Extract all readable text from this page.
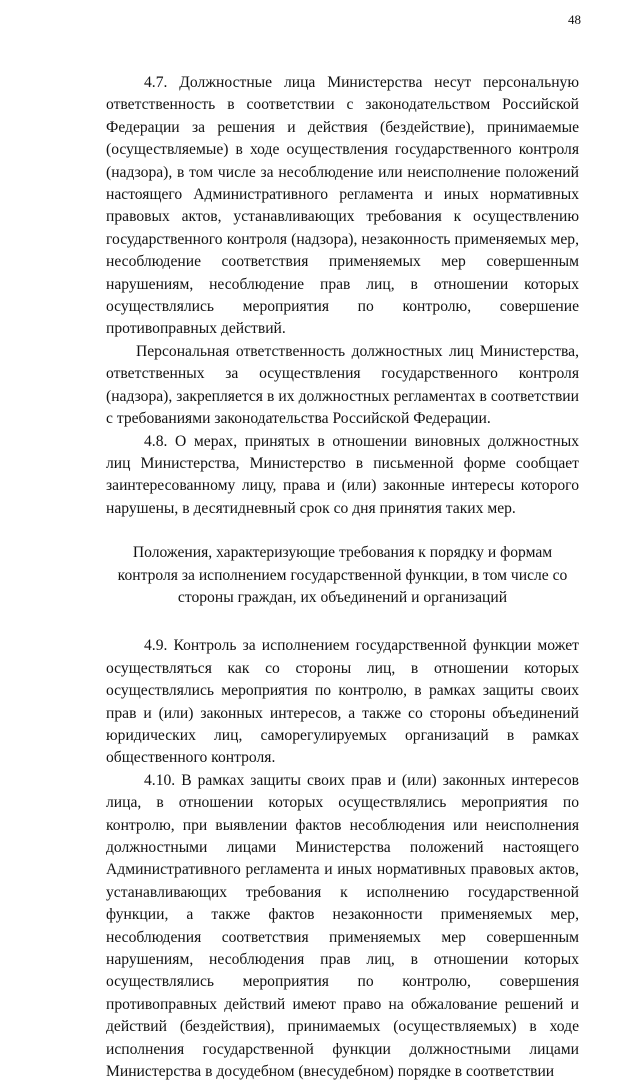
48

4.7. Должностные лица Министерства несут персональную ответственность в соответствии с законодательством Российской Федерации за решения и действия (бездействие), принимаемые (осуществляемые) в ходе осуществления государственного контроля (надзора), в том числе за несоблюдение или неисполнение положений настоящего Административного регламента и иных нормативных правовых актов, устанавливающих требования к осуществлению государственного контроля (надзора), незаконность применяемых мер, несоблюдение соответствия применяемых мер совершенным нарушениям, несоблюдение прав лиц, в отношении которых осуществлялись мероприятия по контролю, совершение противоправных действий.

Персональная ответственность должностных лиц Министерства, ответственных за осуществления государственного контроля (надзора), закрепляется в их должностных регламентах в соответствии с требованиями законодательства Российской Федерации.

4.8. О мерах, принятых в отношении виновных должностных лиц Министерства, Министерство в письменной форме сообщает заинтересованному лицу, права и (или) законные интересы которого нарушены, в десятидневный срок со дня принятия таких мер.

Положения, характеризующие требования к порядку и формам контроля за исполнением государственной функции, в том числе со стороны граждан, их объединений и организаций

4.9. Контроль за исполнением государственной функции может осуществляться как со стороны лиц, в отношении которых осуществлялись мероприятия по контролю, в рамках защиты своих прав и (или) законных интересов, а также со стороны объединений юридических лиц, саморегулируемых организаций в рамках общественного контроля.

4.10. В рамках защиты своих прав и (или) законных интересов лица, в отношении которых осуществлялись мероприятия по контролю, при выявлении фактов несоблюдения или неисполнения должностными лицами Министерства положений настоящего Административного регламента и иных нормативных правовых актов, устанавливающих требования к исполнению государственной функции, а также фактов незаконности применяемых мер, несоблюдения соответствия применяемых мер совершенным нарушениям, несоблюдения прав лиц, в отношении которых осуществлялись мероприятия по контролю, совершения противоправных действий имеют право на обжалование решений и действий (бездействия), принимаемых (осуществляемых) в ходе исполнения государственной функции должностными лицами Министерства в досудебном (внесудебном) порядке в соответствии
